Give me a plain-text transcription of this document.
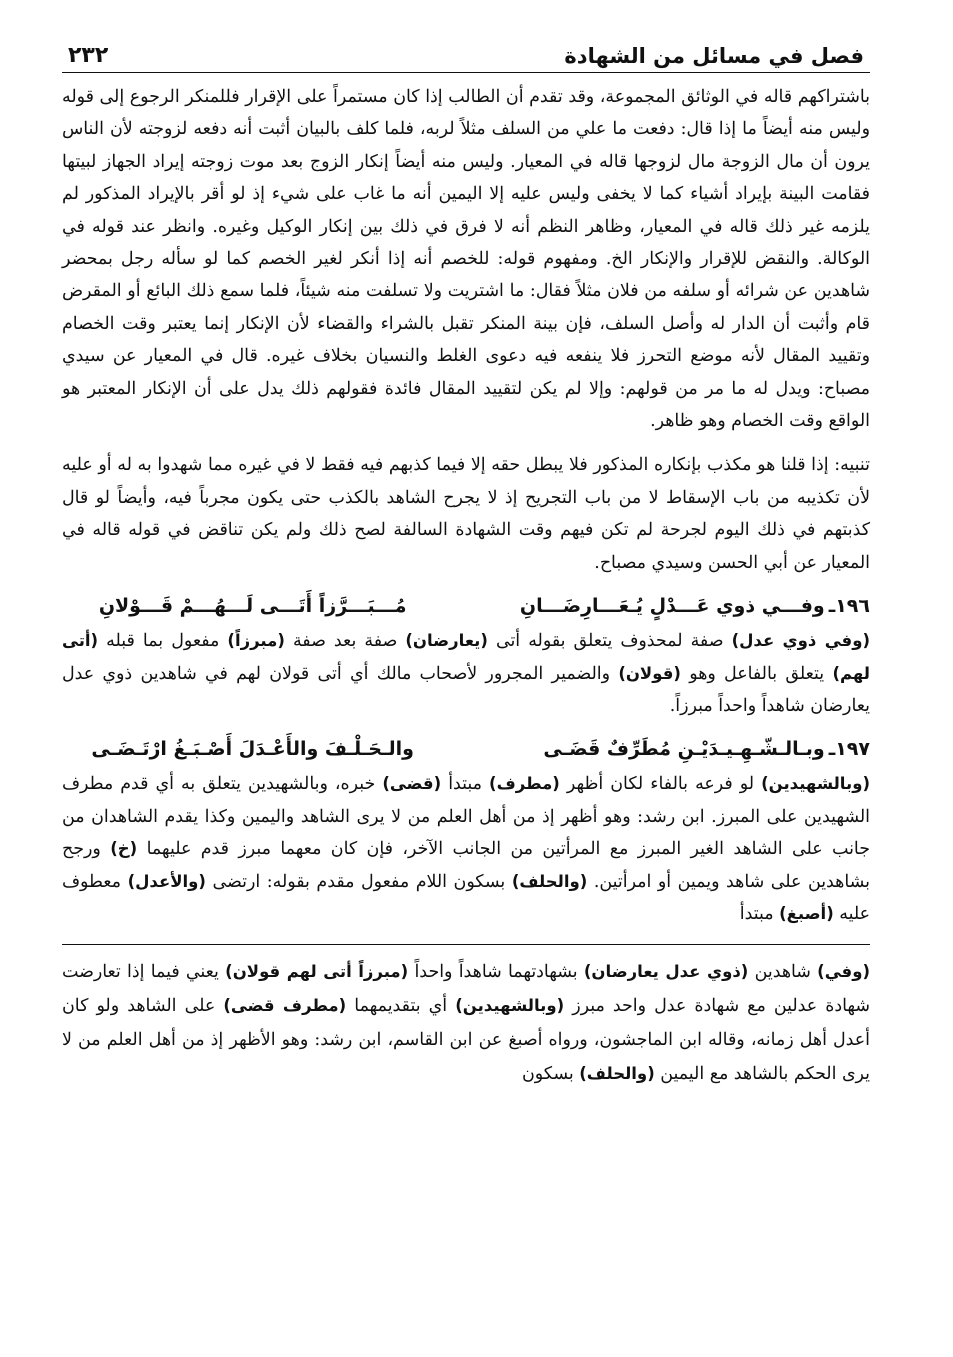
فصل في مسائل من الشهادة
٢٣٢

باشتراكهم قاله في الوثائق المجموعة، وقد تقدم أن الطالب إذا كان مستمراً على الإقرار فللمنكر الرجوع إلى قوله وليس منه أيضاً ما إذا قال: دفعت ما علي من السلف مثلاً لربه، فلما كلف بالبيان أثبت أنه دفعه لزوجته لأن الناس يرون أن مال الزوجة مال لزوجها قاله في المعيار. وليس منه أيضاً إنكار الزوج بعد موت زوجته إيراد الجهاز لبيتها فقامت البينة بإيراد أشياء كما لا يخفى وليس عليه إلا اليمين أنه ما غاب على شيء إذ لو أقر بالإيراد المذكور لم يلزمه غير ذلك قاله في المعيار، وظاهر النظم أنه لا فرق في ذلك بين إنكار الوكيل وغيره. وانظر عند قوله في الوكالة. والنقض للإقرار والإنكار الخ. ومفهوم قوله: للخصم أنه إذا أنكر لغير الخصم كما لو سأله رجل بمحضر شاهدين عن شرائه أو سلفه من فلان مثلاً فقال: ما اشتريت ولا تسلفت منه شيئاً، فلما سمع ذلك البائع أو المقرض قام وأثبت أن الدار له وأصل السلف، فإن بينة المنكر تقبل بالشراء والقضاء لأن الإنكار إنما يعتبر وقت الخصام وتقييد المقال لأنه موضع التحرز فلا ينفعه فيه دعوى الغلط والنسيان بخلاف غيره. قال في المعيار عن سيدي مصباح: ويدل له ما مر من قولهم: وإلا لم يكن لتقييد المقال فائدة فقولهم ذلك يدل على أن الإنكار المعتبر هو الواقع وقت الخصام وهو ظاهر.

تنبيه: إذا قلنا هو مكذب بإنكاره المذكور فلا يبطل حقه إلا فيما كذبهم فيه فقط لا في غيره مما شهدوا به له أو عليه لأن تكذيبه من باب الإسقاط لا من باب التجريح إذ لا يجرح الشاهد بالكذب حتى يكون مجرباً فيه، وأيضاً لو قال كذبتهم في ذلك اليوم لجرحة لم تكن فيهم وقت الشهادة السالفة لصح ذلك ولم يكن تناقض في قوله قاله في المعيار عن أبي الحسن وسيدي مصباح.

١٩٦ـ
وفـــي ذوي عَـــدْلٍ يُـعَـــارِضَـــانِ
مُـــبَـــرَّزاً أَتَـــى لَـــهُـــمْ قَـــوْلانِ

(وفي ذوي عدل) صفة لمحذوف يتعلق بقوله أتى (يعارضان) صفة بعد صفة (مبرزاً) مفعول بما قبله (أتى لهم) يتعلق بالفاعل وهو (قولان) والضمير المجرور لأصحاب مالك أي أتى قولان لهم في شاهدين ذوي عدل يعارضان شاهداً واحداً مبرزاً.

١٩٧ـ
وبـالـشّـهِـيـدَيْـنِ مُطَرِّفٌ قَضَـى
والـحَـلْـفَ والأَعْـدَلَ أَصْـبَـغُ ارْتَـضَـى

(وبالشهيدين) لو فرعه بالفاء لكان أظهر (مطرف) مبتدأ (قضى) خبره، وبالشهيدين يتعلق به أي قدم مطرف الشهيدين على المبرز. ابن رشد: وهو أظهر إذ من أهل العلم من لا يرى الشاهد واليمين وكذا يقدم الشاهدان من جانب على الشاهد الغير المبرز مع المرأتين من الجانب الآخر، فإن كان معهما مبرز قدم عليهما (خ) ورجح بشاهدين على شاهد ويمين أو امرأتين. (والحلف) بسكون اللام مفعول مقدم بقوله: ارتضى (والأعدل) معطوف عليه (أصبغ) مبتدأ

(وفي) شاهدين (ذوي عدل يعارضان) بشهادتهما شاهداً واحداً (مبرزاً أتى لهم قولان) يعني فيما إذا تعارضت شهادة عدلين مع شهادة عدل واحد مبرز (وبالشهيدين) أي بتقديمهما (مطرف قضى) على الشاهد ولو كان أعدل أهل زمانه، وقاله ابن الماجشون، ورواه أصبغ عن ابن القاسم، ابن رشد: وهو الأظهر إذ من أهل العلم من لا يرى الحكم بالشاهد مع اليمين (والحلف) بسكون
